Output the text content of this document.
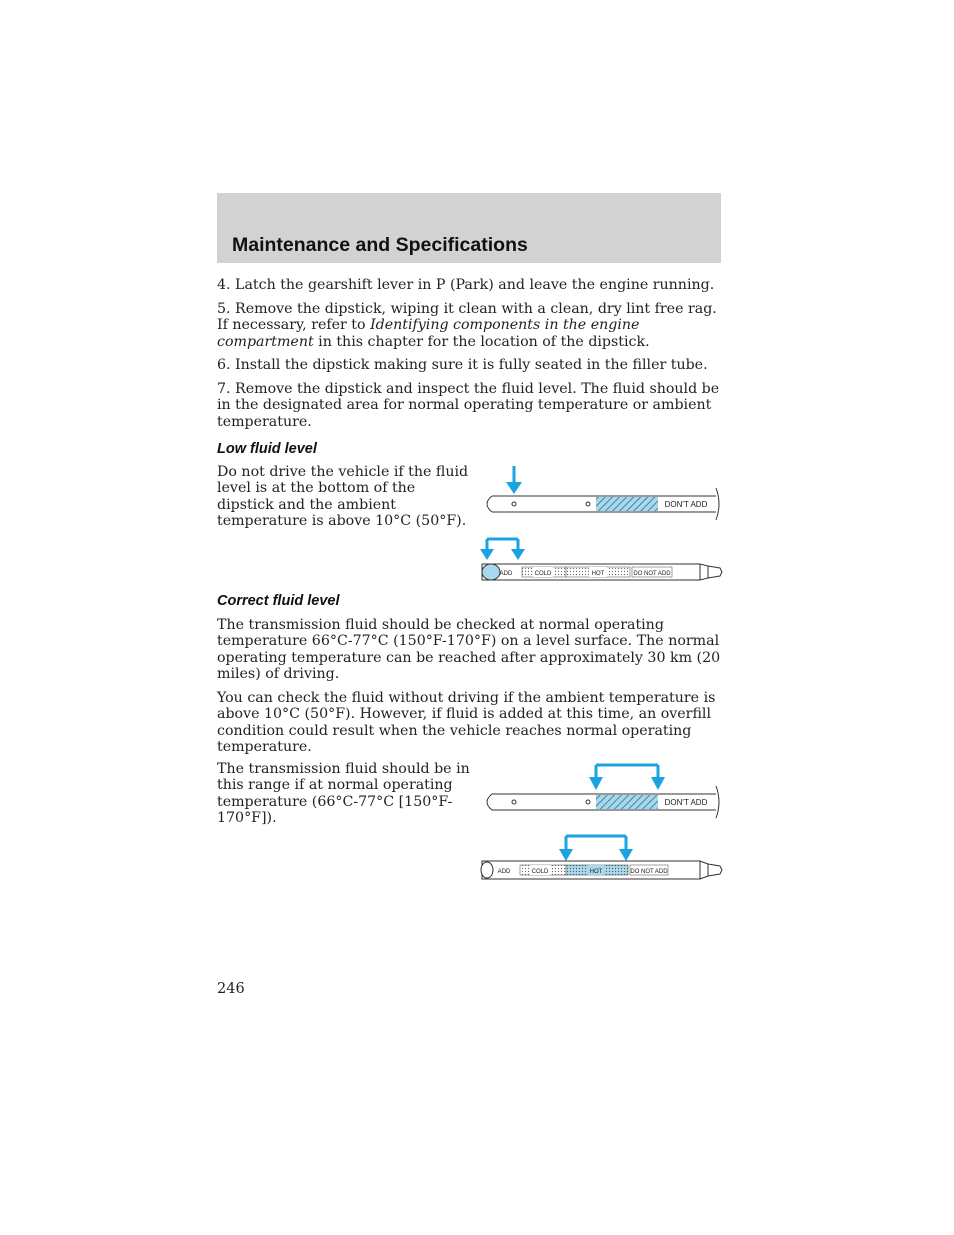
Maintenance and Specifications

4. Latch the gearshift lever in P (Park) and leave the engine running.

5. Remove the dipstick, wiping it clean with a clean, dry lint free rag. If necessary, refer to Identifying components in the engine compartment in this chapter for the location of the dipstick.

6. Install the dipstick making sure it is fully seated in the filler tube.

7. Remove the dipstick and inspect the fluid level. The fluid should be in the designated area for normal operating temperature or ambient temperature.

Low fluid level

Do not drive the vehicle if the fluid level is at the bottom of the dipstick and the ambient temperature is above 10°C (50°F).

DON'T ADD
ADD	COLD	HOT	DO NOT ADD
Correct fluid level

The transmission fluid should be checked at normal operating temperature 66°C-77°C (150°F-170°F) on a level surface. The normal operating temperature can be reached after approximately 30 km (20 miles) of driving.

You can check the fluid without driving if the ambient temperature is above 10°C (50°F). However, if fluid is added at this time, an overfill condition could result when the vehicle reaches normal operating temperature.

The transmission fluid should be in this range if at normal operating temperature (66°C-77°C [150°F-170°F]).

DON'T ADD
ADD	COLD	HOT	DO NOT ADD
246
